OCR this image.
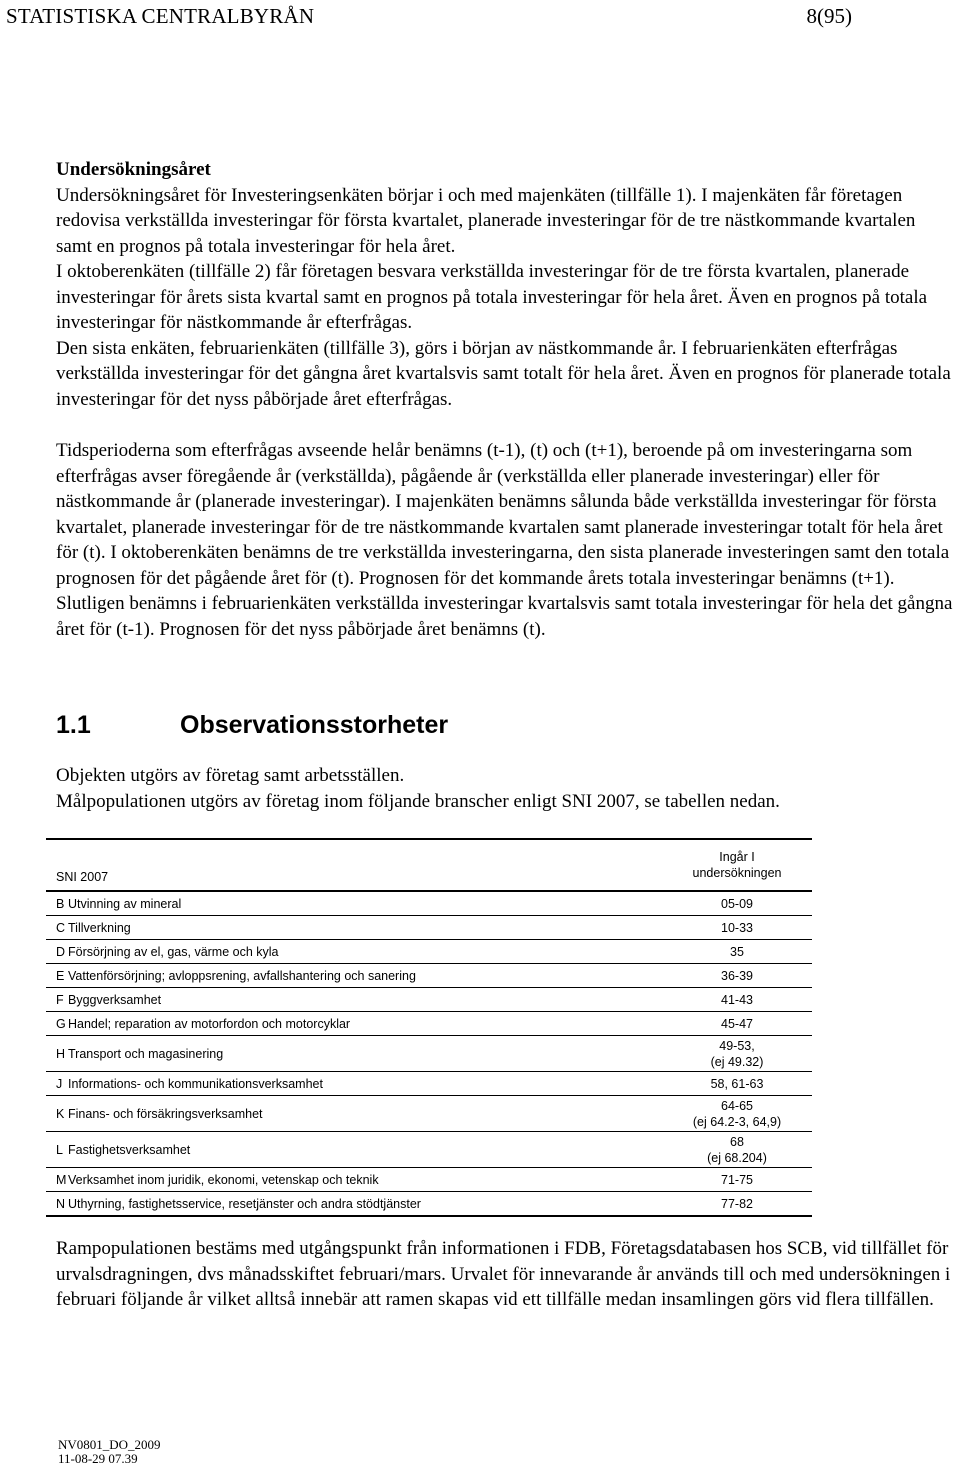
STATISTISKA CENTRALBYRÅN	8(95)

Undersökningsåret

Undersökningsåret för Investeringsenkäten börjar i och med majenkäten (tillfälle 1). I majenkäten får företagen redovisa verkställda investeringar för första kvartalet, planerade investeringar för de tre nästkommande kvartalen samt en prognos på totala investeringar för hela året.

I oktoberenkäten (tillfälle 2) får företagen besvara verkställda investeringar för de tre första kvartalen, planerade investeringar för årets sista kvartal samt en prognos på totala investeringar för hela året. Även en prognos på totala investeringar för nästkommande år efterfrågas.

Den sista enkäten, februarienkäten (tillfälle 3), görs i början av nästkommande år. I februarienkäten efterfrågas verkställda investeringar för det gångna året kvartalsvis samt totalt för hela året. Även en prognos för planerade totala investeringar för det nyss påbörjade året efterfrågas.

Tidsperioderna som efterfrågas avseende helår benämns (t-1), (t) och (t+1), beroende på om investeringarna som efterfrågas avser föregående år (verkställda), pågående år (verkställda eller planerade investeringar) eller för nästkommande år (planerade investeringar). I majenkäten benämns sålunda både verkställda investeringar för första kvartalet, planerade investeringar för de tre nästkommande kvartalen samt planerade investeringar totalt för hela året för (t). I oktoberenkäten benämns de tre verkställda investeringarna, den sista planerade investeringen samt den totala prognosen för det pågående året för (t). Prognosen för det kommande årets totala investeringar benämns (t+1). Slutligen benämns i februarienkäten verkställda investeringar kvartalsvis samt totala investeringar för hela det gångna året för (t-1). Prognosen för det nyss påbörjade året benämns (t).

1.1	Observationsstorheter

Objekten utgörs av företag samt arbetsställen.

Målpopulationen utgörs av företag inom följande branscher enligt SNI 2007, se tabellen nedan.

SNI 2007		Ingår I
undersökningen

B	Utvinning av mineral	05-09

C	Tillverkning	10-33

D	Försörjning av el, gas, värme och kyla	35

E	Vattenförsörjning; avloppsrening, avfallshantering och sanering	36-39

F	Byggverksamhet	41-43

G	Handel; reparation av motorfordon och motorcyklar	45-47

H	Transport och magasinering	49-53,
(ej 49.32)

J	Informations- och kommunikationsverksamhet	58, 61-63

K	Finans- och försäkringsverksamhet	64-65
(ej 64.2-3, 64,9)

L	Fastighetsverksamhet	68
(ej 68.204)

M	Verksamhet inom juridik, ekonomi, vetenskap och teknik	71-75

N	Uthyrning, fastighetsservice, resetjänster och andra stödtjänster	77-82

Rampopulationen bestäms med utgångspunkt från informationen i FDB, Företagsdatabasen hos SCB, vid tillfället för urvalsdragningen, dvs månadsskiftet februari/mars. Urvalet för innevarande år används till och med undersökningen i februari följande år vilket alltså innebär att ramen skapas vid ett tillfälle medan insamlingen görs vid flera tillfällen.

NV0801_DO_2009
11-08-29 07.39
